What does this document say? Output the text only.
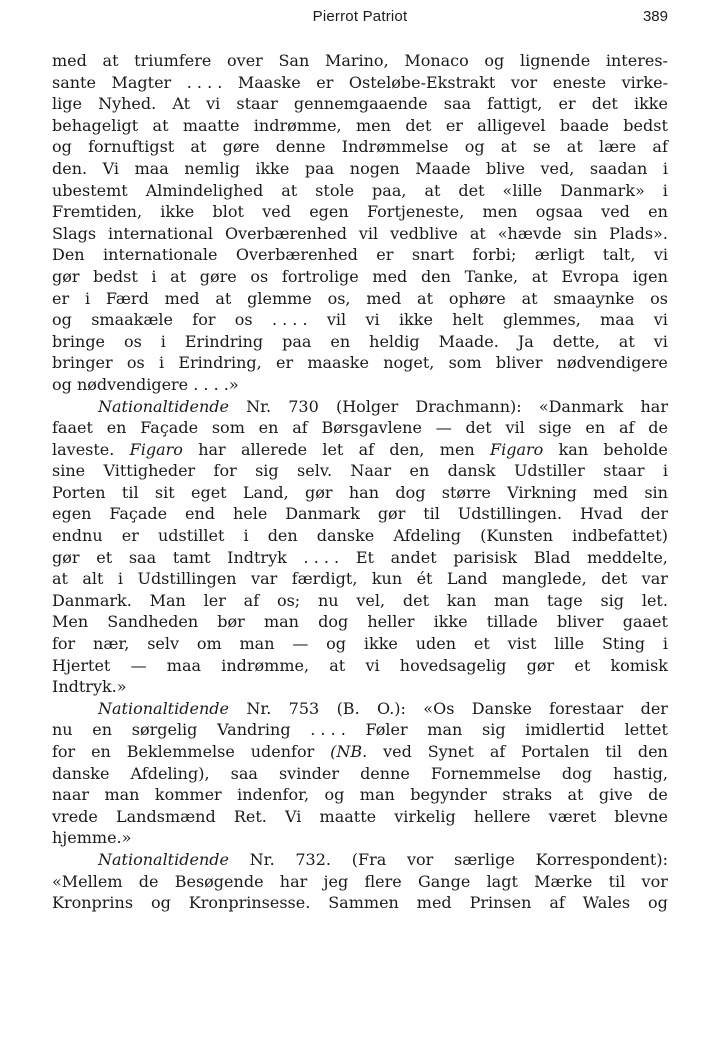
Pierrot Patriot	389
med at triumfere over San Marino, Monaco og lignende interes-
sante Magter . . . . Maaske er Osteløbe-Ekstrakt vor eneste virke-
lige Nyhed. At vi staar gennemgaaende saa fattigt, er det ikke
behageligt at maatte indrømme, men det er alligevel baade bedst
og fornuftigst at gøre denne Indrømmelse og at se at lære af
den. Vi maa nemlig ikke paa nogen Maade blive ved, saadan i
ubestemt Almindelighed at stole paa, at det «lille Danmark» i
Fremtiden, ikke blot ved egen Fortjeneste, men ogsaa ved en
Slags international Overbærenhed vil vedblive at «hævde sin Plads».
Den internationale Overbærenhed er snart forbi; ærligt talt, vi
gør bedst i at gøre os fortrolige med den Tanke, at Evropa igen
er i Færd med at glemme os, med at ophøre at smaaynke os
og smaakæle for os . . . . vil vi ikke helt glemmes, maa vi
bringe os i Erindring paa en heldig Maade. Ja dette, at vi
bringer os i Erindring, er maaske noget, som bliver nødvendigere
og nødvendigere . . . .»
Nationaltidende Nr. 730 (Holger Drachmann): «Danmark har
faaet en Façade som en af Børsgavlene — det vil sige en af de
laveste. Figaro har allerede let af den, men Figaro kan beholde
sine Vittigheder for sig selv. Naar en dansk Udstiller staar i
Porten til sit eget Land, gør han dog større Virkning med sin
egen Façade end hele Danmark gør til Udstillingen. Hvad der
endnu er udstillet i den danske Afdeling (Kunsten indbefattet)
gør et saa tamt Indtryk . . . . Et andet parisisk Blad meddelte,
at alt i Udstillingen var færdigt, kun ét Land manglede, det var
Danmark. Man ler af os; nu vel, det kan man tage sig let.
Men Sandheden bør man dog heller ikke tillade bliver gaaet
for nær, selv om man — og ikke uden et vist lille Sting i
Hjertet — maa indrømme, at vi hovedsagelig gør et komisk
Indtryk.»
Nationaltidende Nr. 753 (B. O.): «Os Danske forestaar der
nu en sørgelig Vandring . . . . Føler man sig imidlertid lettet
for en Beklemmelse udenfor (NB. ved Synet af Portalen til den
danske Afdeling), saa svinder denne Fornemmelse dog hastig,
naar man kommer indenfor, og man begynder straks at give de
vrede Landsmænd Ret. Vi maatte virkelig hellere været blevne
hjemme.»
Nationaltidende Nr. 732. (Fra vor særlige Korrespondent):
«Mellem de Besøgende har jeg flere Gange lagt Mærke til vor
Kronprins og Kronprinsesse. Sammen med Prinsen af Wales og
